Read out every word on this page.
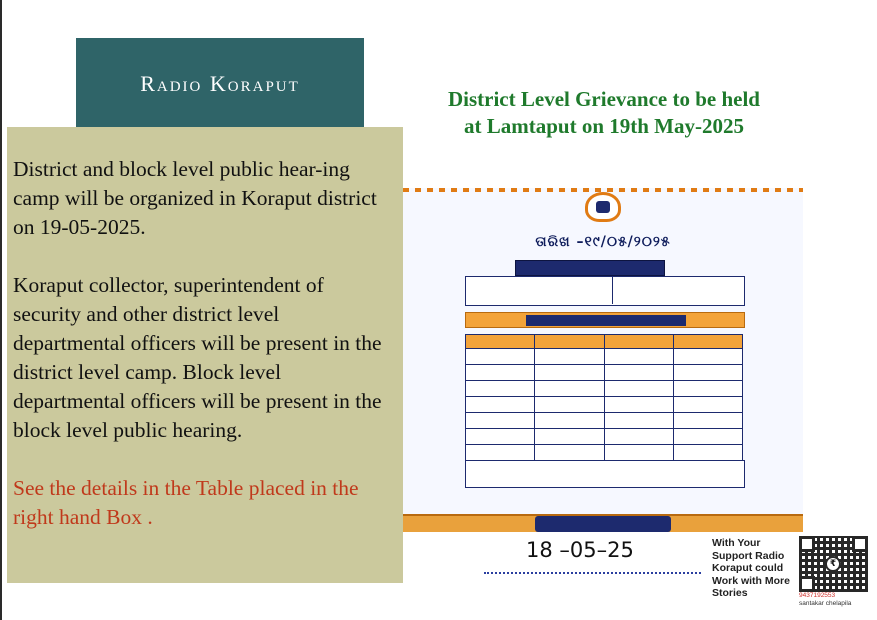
Radio Koraput

District and block level public hear-ing camp will be organized in Koraput district on 19-05-2025.

Koraput collector, superintendent of security and other district level departmental officers will be present in the district level camp. Block level departmental officers will be present in the block level public hearing.

See the details in the Table placed in the right hand Box .

District Level Grievance to be held
at Lamtaput on 19th May-2025
ତାରିଖ –୧୯/୦୫/୨୦୨୫

18 –05–25	With Your Support Radio Koraput could Work with More Stories
₹
9437192553
santakar chelapila
